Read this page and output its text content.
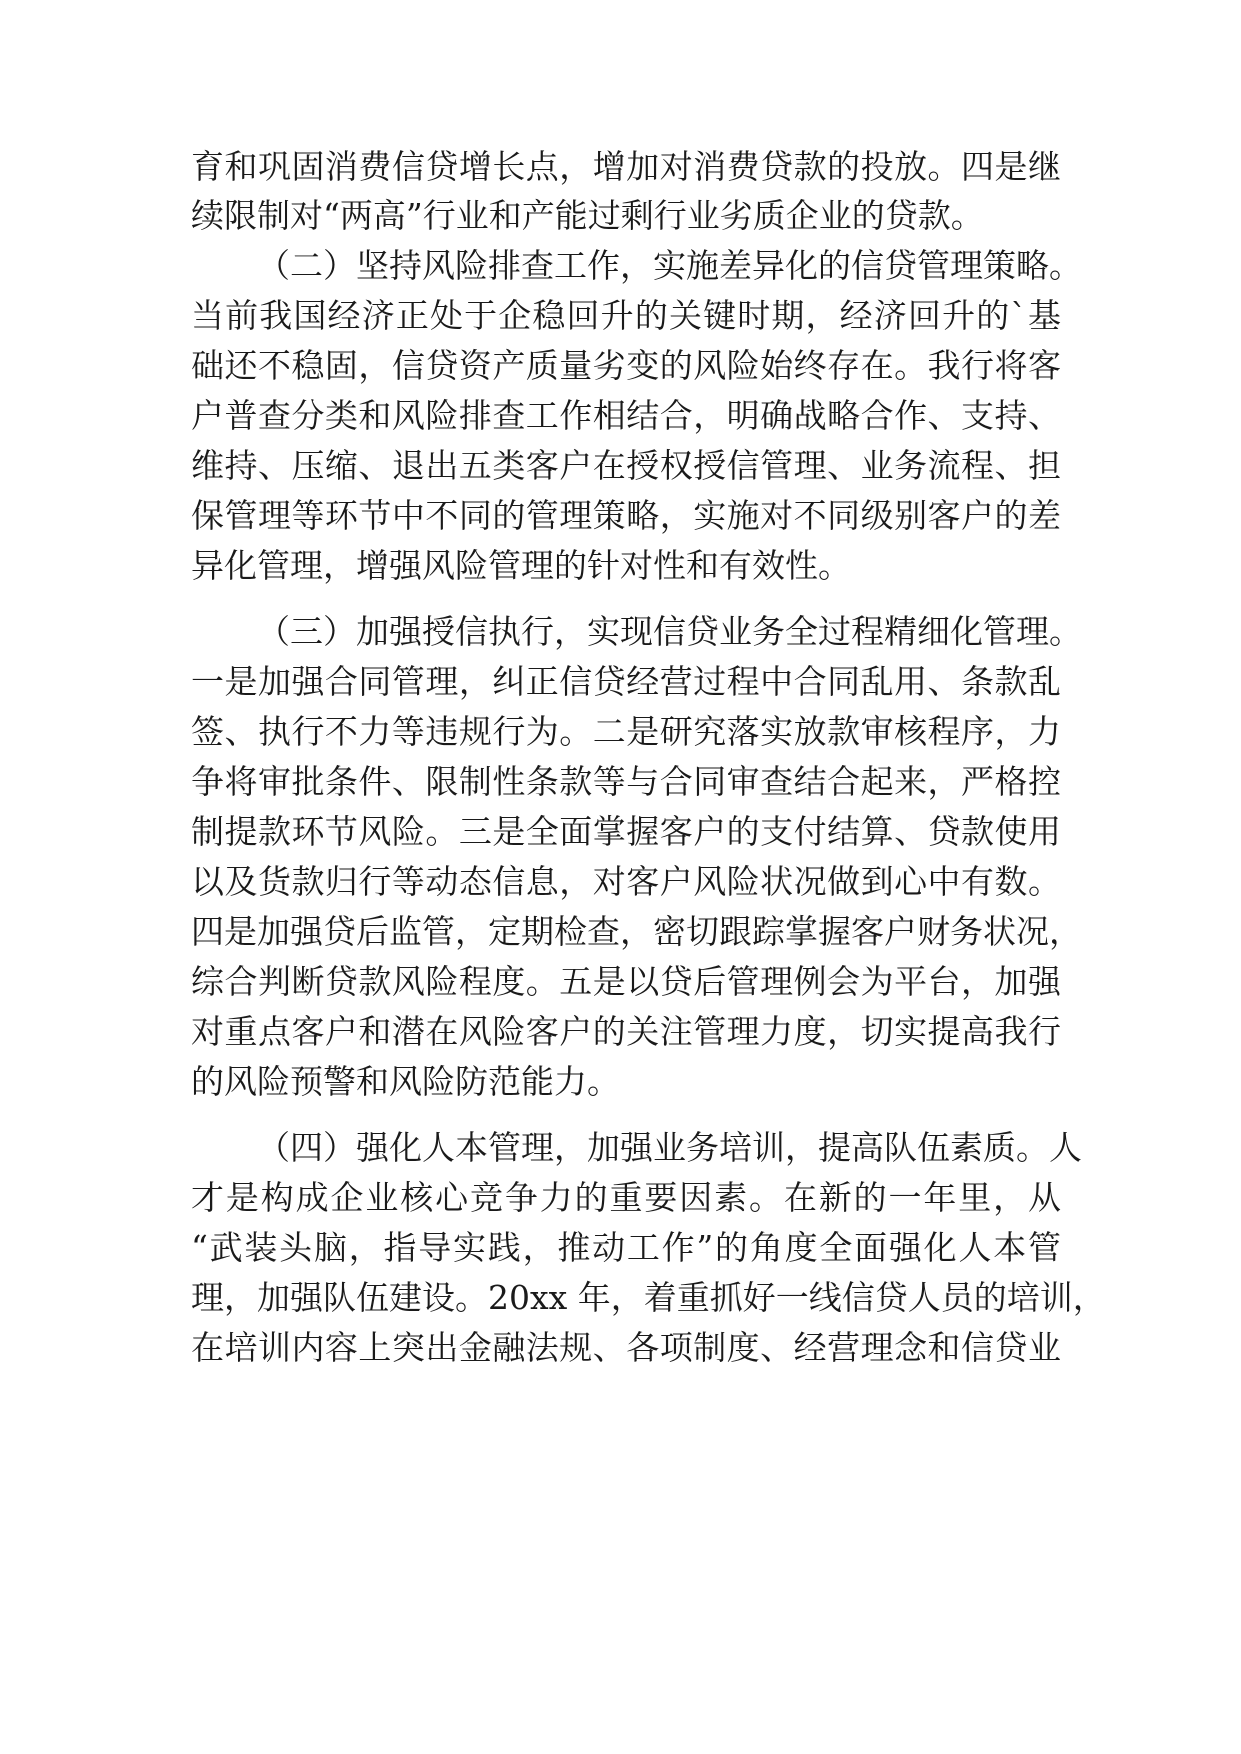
育和巩固消费信贷增长点，增加对消费贷款的投放。四是继

续限制对“两高”行业和产能过剩行业劣质企业的贷款。

（二）坚持风险排查工作，实施差异化的信贷管理策略。

当前我国经济正处于企稳回升的关键时期，经济回升的`基

础还不稳固，信贷资产质量劣变的风险始终存在。我行将客

户普查分类和风险排查工作相结合，明确战略合作、支持、

维持、压缩、退出五类客户在授权授信管理、业务流程、担

保管理等环节中不同的管理策略，实施对不同级别客户的差

异化管理，增强风险管理的针对性和有效性。

（三）加强授信执行，实现信贷业务全过程精细化管理。

一是加强合同管理，纠正信贷经营过程中合同乱用、条款乱

签、执行不力等违规行为。二是研究落实放款审核程序，力

争将审批条件、限制性条款等与合同审查结合起来，严格控

制提款环节风险。三是全面掌握客户的支付结算、贷款使用

以及货款归行等动态信息，对客户风险状况做到心中有数。

四是加强贷后监管，定期检查，密切跟踪掌握客户财务状况，

综合判断贷款风险程度。五是以贷后管理例会为平台，加强

对重点客户和潜在风险客户的关注管理力度，切实提高我行

的风险预警和风险防范能力。

（四）强化人本管理，加强业务培训，提高队伍素质。人

才是构成企业核心竞争力的重要因素。在新的一年里，从

“武装头脑，指导实践，推动工作”的角度全面强化人本管

理，加强队伍建设。20xx 年，着重抓好一线信贷人员的培训，

在培训内容上突出金融法规、各项制度、经营理念和信贷业
